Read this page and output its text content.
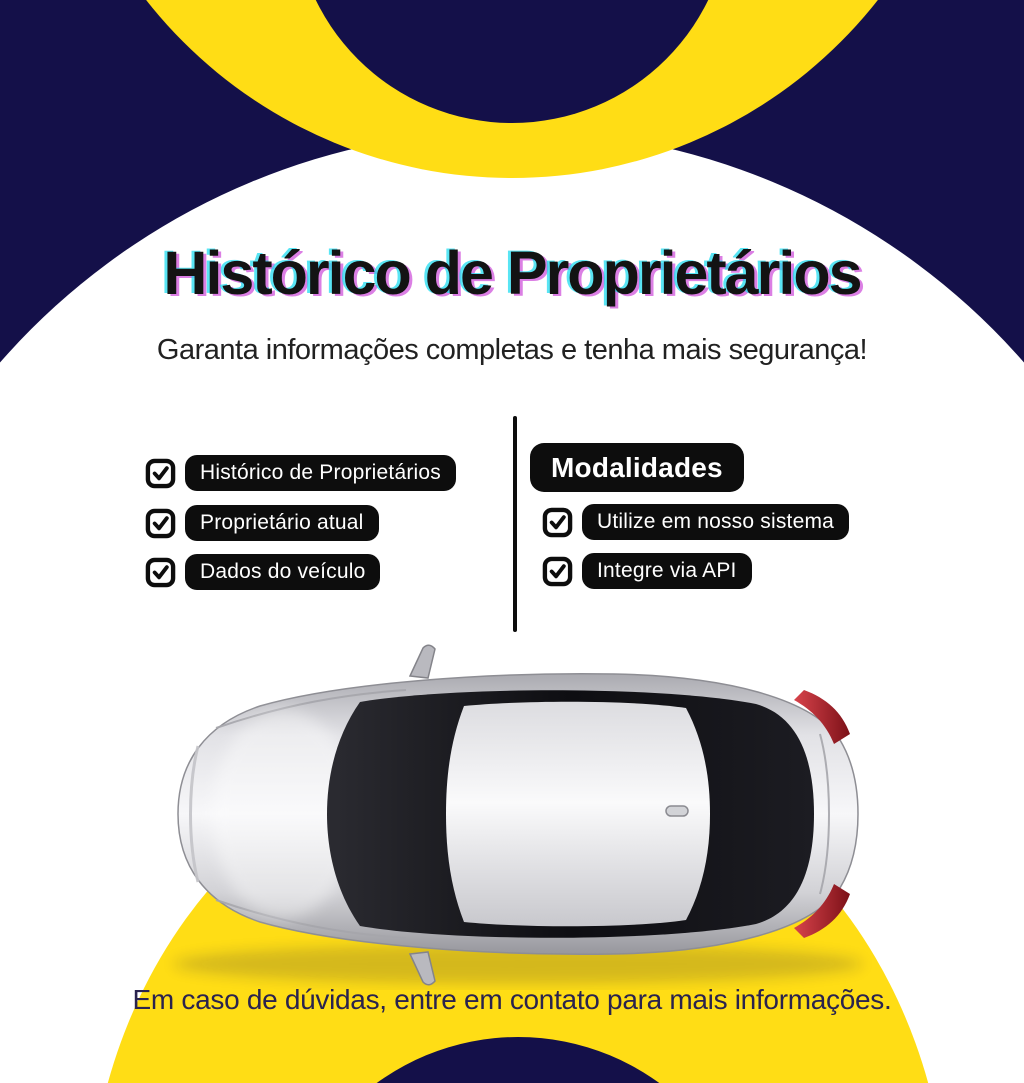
Histórico de Proprietários
Garanta informações completas e tenha mais segurança!
Histórico de Proprietários
Proprietário atual
Dados do veículo
Modalidades
Utilize em nosso sistema
Integre via API
Em caso de dúvidas, entre em contato para mais informações.
